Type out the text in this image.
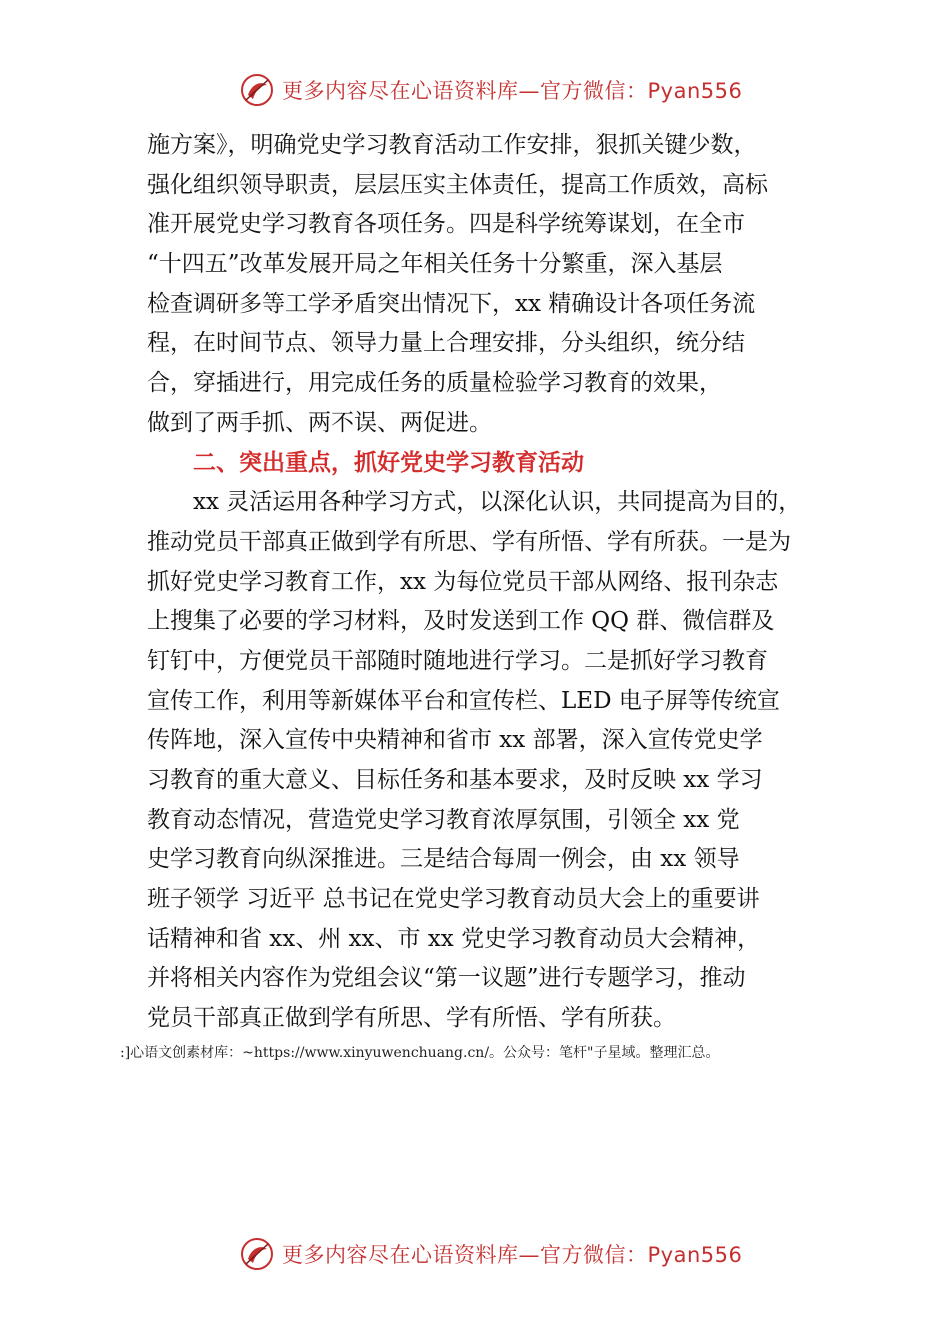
更多内容尽在心语资料库—官方微信：Pyan556
施方案》，明确党史学习教育活动工作安排，狠抓关键少数，
强化组织领导职责，层层压实主体责任，提高工作质效，高标
准开展党史学习教育各项任务。四是科学统筹谋划，在全市
“十四五”改革发展开局之年相关任务十分繁重，深入基层
检查调研多等工学矛盾突出情况下，xx 精确设计各项任务流
程，在时间节点、领导力量上合理安排，分头组织，统分结
合，穿插进行，用完成任务的质量检验学习教育的效果，
做到了两手抓、两不误、两促进。
二、突出重点，抓好党史学习教育活动
xx 灵活运用各种学习方式，以深化认识，共同提高为目的，
推动党员干部真正做到学有所思、学有所悟、学有所获。一是为
抓好党史学习教育工作，xx 为每位党员干部从网络、报刊杂志
上搜集了必要的学习材料，及时发送到工作 QQ 群、微信群及
钉钉中，方便党员干部随时随地进行学习。二是抓好学习教育
宣传工作，利用等新媒体平台和宣传栏、LED 电子屏等传统宣
传阵地，深入宣传中央精神和省市 xx 部署，深入宣传党史学
习教育的重大意义、目标任务和基本要求，及时反映 xx 学习
教育动态情况，营造党史学习教育浓厚氛围，引领全 xx 党
史学习教育向纵深推进。三是结合每周一例会，由 xx 领导
班子领学 习近平 总书记在党史学习教育动员大会上的重要讲
话精神和省 xx、州 xx、市 xx 党史学习教育动员大会精神，
并将相关内容作为党组会议“第一议题”进行专题学习，推动
党员干部真正做到学有所思、学有所悟、学有所获。
:]心语文创素材库：~https://www.xinyuwenchuang.cn/。公众号：笔杆"子星域。整理汇总。
更多内容尽在心语资料库—官方微信：Pyan556
